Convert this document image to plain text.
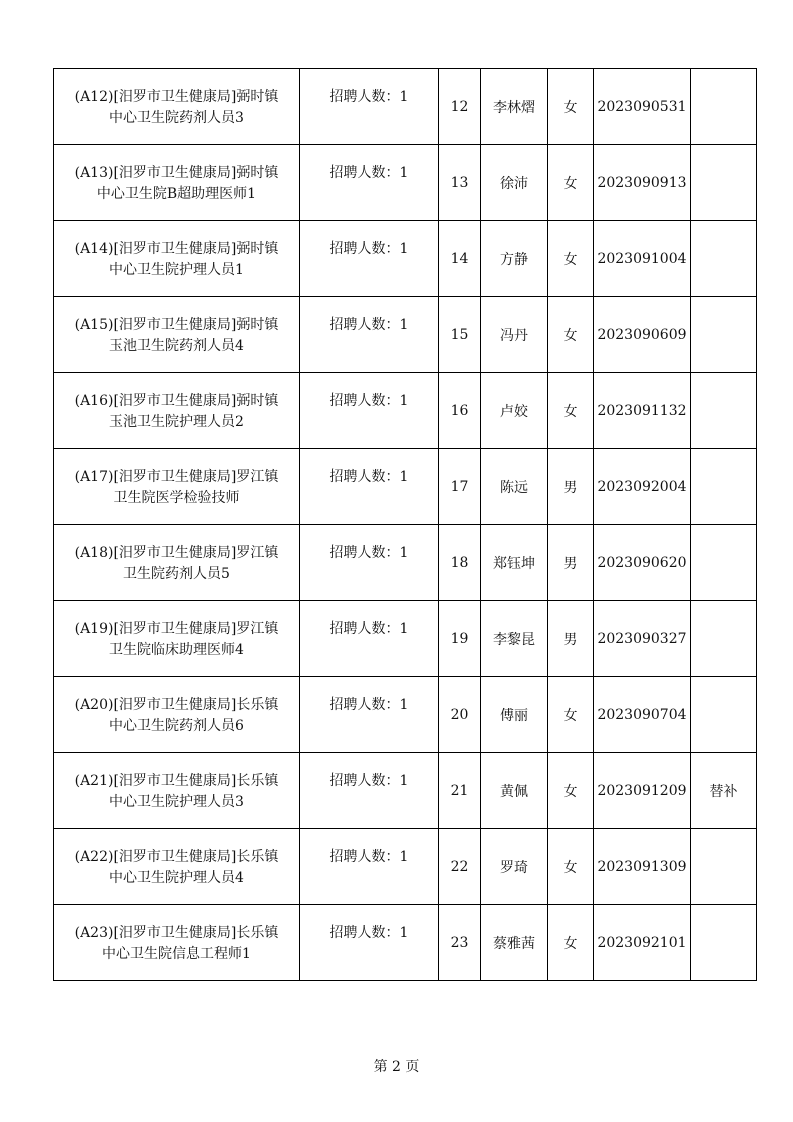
(A12)[汨罗市卫生健康局]弼时镇
中心卫生院药剂人员3	招聘人数：1	12	李林熠	女	2023090531	

(A13)[汨罗市卫生健康局]弼时镇
中心卫生院B超助理医师1	招聘人数：1	13	徐沛	女	2023090913	

(A14)[汨罗市卫生健康局]弼时镇
中心卫生院护理人员1	招聘人数：1	14	方静	女	2023091004	

(A15)[汨罗市卫生健康局]弼时镇
玉池卫生院药剂人员4	招聘人数：1	15	冯丹	女	2023090609	

(A16)[汨罗市卫生健康局]弼时镇
玉池卫生院护理人员2	招聘人数：1	16	卢姣	女	2023091132	

(A17)[汨罗市卫生健康局]罗江镇
卫生院医学检验技师	招聘人数：1	17	陈远	男	2023092004	

(A18)[汨罗市卫生健康局]罗江镇
卫生院药剂人员5	招聘人数：1	18	郑钰坤	男	2023090620	

(A19)[汨罗市卫生健康局]罗江镇
卫生院临床助理医师4	招聘人数：1	19	李黎昆	男	2023090327	

(A20)[汨罗市卫生健康局]长乐镇
中心卫生院药剂人员6	招聘人数：1	20	傅丽	女	2023090704	

(A21)[汨罗市卫生健康局]长乐镇
中心卫生院护理人员3	招聘人数：1	21	黄佩	女	2023091209	替补

(A22)[汨罗市卫生健康局]长乐镇
中心卫生院护理人员4	招聘人数：1	22	罗琦	女	2023091309	

(A23)[汨罗市卫生健康局]长乐镇
中心卫生院信息工程师1	招聘人数：1	23	蔡雅茜	女	2023092101	
第 2 页
